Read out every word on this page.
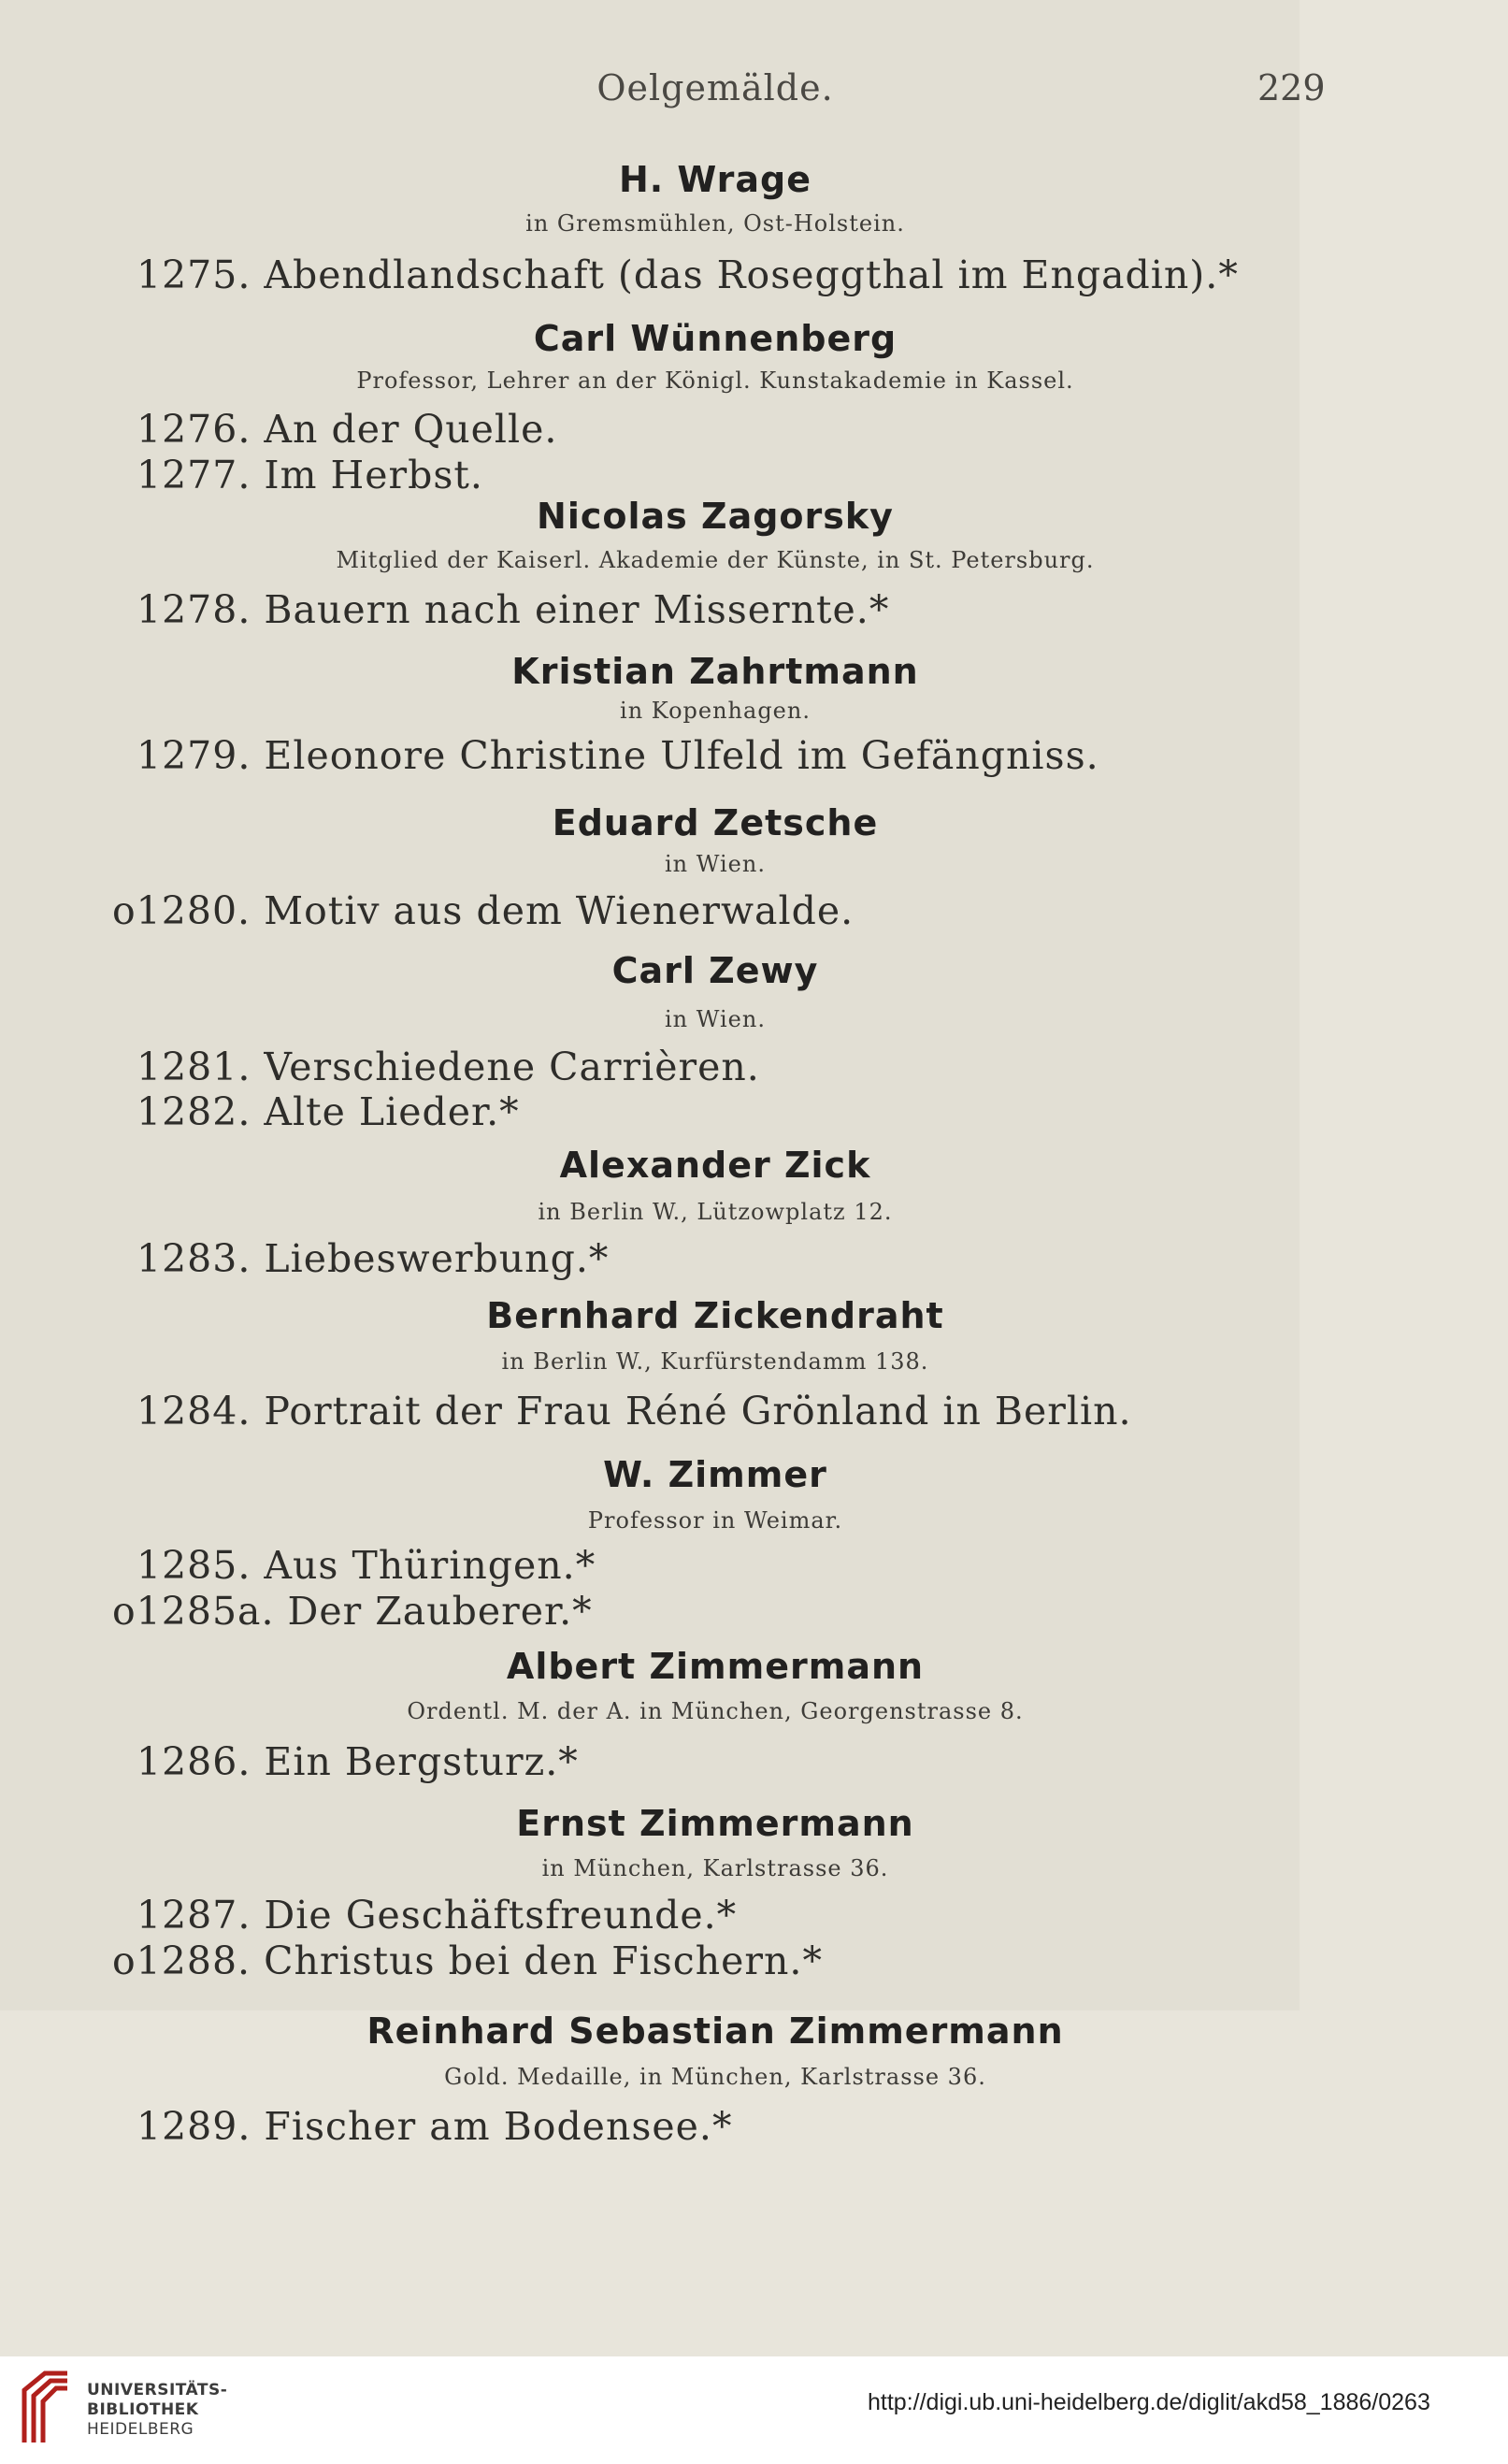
Oelgemälde.	229
H. Wrage
in Gremsmühlen, Ost-Holstein.
1275. Abendlandschaft (das Roseggthal im Engadin).*
Carl Wünnenberg
Professor, Lehrer an der Königl. Kunstakademie in Kassel.
1276. An der Quelle.
1277. Im Herbst.
Nicolas Zagorsky
Mitglied der Kaiserl. Akademie der Künste, in St. Petersburg.
1278. Bauern nach einer Missernte.*
Kristian Zahrtmann
in Kopenhagen.
1279. Eleonore Christine Ulfeld im Gefängniss.
Eduard Zetsche
in Wien.
o1280. Motiv aus dem Wienerwalde.
Carl Zewy
in Wien.
1281. Verschiedene Carrièren.
1282. Alte Lieder.*
Alexander Zick
in Berlin W., Lützowplatz 12.
1283. Liebeswerbung.*
Bernhard Zickendraht
in Berlin W., Kurfürstendamm 138.
1284. Portrait der Frau Réné Grönland in Berlin.
W. Zimmer
Professor in Weimar.
1285. Aus Thüringen.*
o1285a. Der Zauberer.*
Albert Zimmermann
Ordentl. M. der A. in München, Georgenstrasse 8.
1286. Ein Bergsturz.*
Ernst Zimmermann
in München, Karlstrasse 36.
1287. Die Geschäftsfreunde.*
o1288. Christus bei den Fischern.*
Reinhard Sebastian Zimmermann
Gold. Medaille, in München, Karlstrasse 36.
1289. Fischer am Bodensee.*
UNIVERSITÄTS-
BIBLIOTHEK
HEIDELBERG
http://digi.ub.uni-heidelberg.de/diglit/akd58_1886/0263
